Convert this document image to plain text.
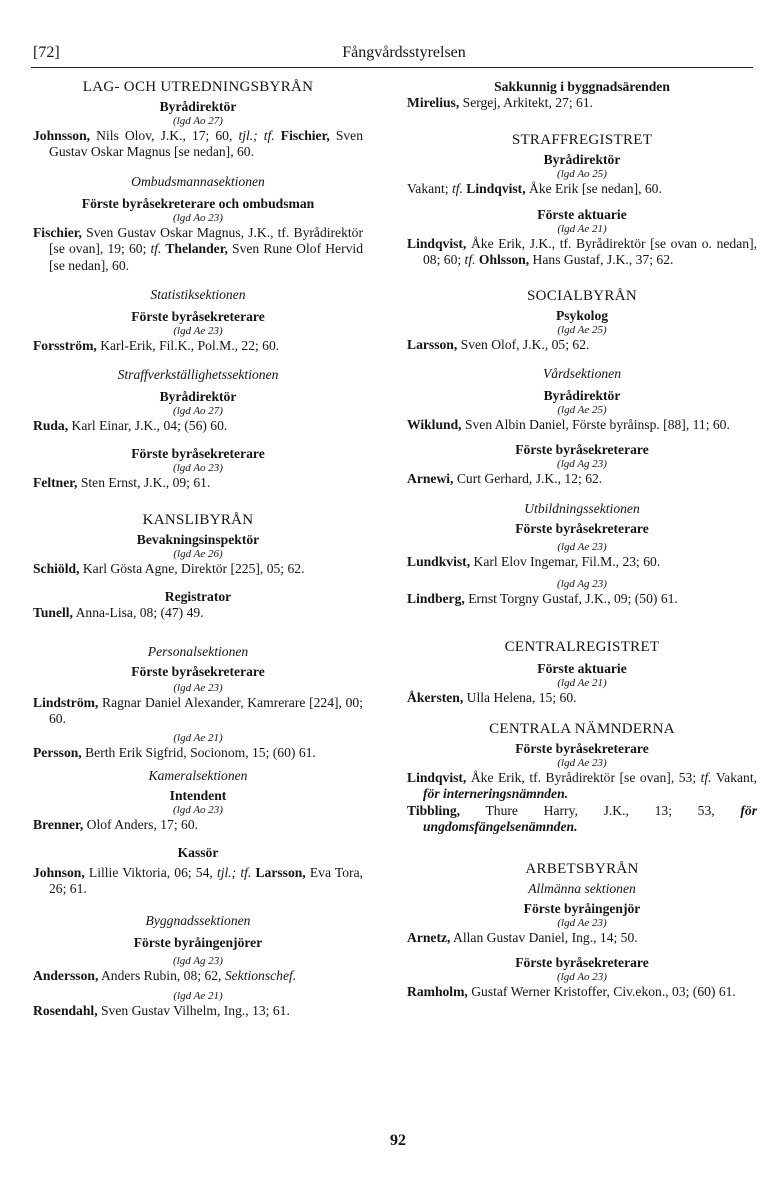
[72]	Fångvårdsstyrelsen
LAG- OCH UTREDNINGSBYRÅN
Byrådirektör
(lgd Ao 27)
Johnsson, Nils Olov, J.K., 17; 60, tjl.; tf. Fischier, Sven Gustav Oskar Magnus [se nedan], 60.
Ombudsmannasektionen
Förste byråsekreterare och ombudsman
(lgd Ao 23)
Fischier, Sven Gustav Oskar Magnus, J.K., tf. Byrådirektör [se ovan], 19; 60; tf. Thelander, Sven Rune Olof Hervid [se nedan], 60.
Statistiksektionen
Förste byråsekreterare
(lgd Ae 23)
Forsström, Karl-Erik, Fil.K., Pol.M., 22; 60.
Straffverkställighetssektionen
Byrådirektör
(lgd Ao 27)
Ruda, Karl Einar, J.K., 04; (56) 60.
Förste byråsekreterare
(lgd Ao 23)
Feltner, Sten Ernst, J.K., 09; 61.
KANSLIBYRÅN
Bevakningsinspektör
(lgd Ae 26)
Schiöld, Karl Gösta Agne, Direktör [225], 05; 62.
Registrator
Tunell, Anna-Lisa, 08; (47) 49.
Personalsektionen
Förste byråsekreterare
(lgd Ae 23)
Lindström, Ragnar Daniel Alexander, Kamrerare [224], 00; 60.
(lgd Ae 21)
Persson, Berth Erik Sigfrid, Socionom, 15; (60) 61.
Kameralsektionen
Intendent
(lgd Ao 23)
Brenner, Olof Anders, 17; 60.
Kassör
Johnson, Lillie Viktoria, 06; 54, tjl.; tf. Larsson, Eva Tora, 26; 61.
Byggnadssektionen
Förste byråingenjörer
(lgd Ag 23)
Andersson, Anders Rubin, 08; 62, Sektionschef.
(lgd Ae 21)
Rosendahl, Sven Gustav Vilhelm, Ing., 13; 61.
Sakkunnig i byggnadsärenden
Mirelius, Sergej, Arkitekt, 27; 61.
STRAFFREGISTRET
Byrådirektör
(lgd Ao 25)
Vakant; tf. Lindqvist, Åke Erik [se nedan], 60.
Förste aktuarie
(lgd Ae 21)
Lindqvist, Åke Erik, J.K., tf. Byrådirektör [se ovan o. nedan], 08; 60; tf. Ohlsson, Hans Gustaf, J.K., 37; 62.
SOCIALBYRÅN
Psykolog
(lgd Ae 25)
Larsson, Sven Olof, J.K., 05; 62.
Vårdsektionen
Byrådirektör
(lgd Ae 25)
Wiklund, Sven Albin Daniel, Förste byråinsp. [88], 11; 60.
Förste byråsekreterare
(lgd Ag 23)
Arnewi, Curt Gerhard, J.K., 12; 62.
Utbildningssektionen
Förste byråsekreterare
(lgd Ae 23)
Lundkvist, Karl Elov Ingemar, Fil.M., 23; 60.
(lgd Ag 23)
Lindberg, Ernst Torgny Gustaf, J.K., 09; (50) 61.
CENTRALREGISTRET
Förste aktuarie
(lgd Ae 21)
Åkersten, Ulla Helena, 15; 60.
CENTRALA NÄMNDERNA
Förste byråsekreterare
(lgd Ae 23)
Lindqvist, Åke Erik, tf. Byrådirektör [se ovan], 53; tf. Vakant, för interneringsnämnden.
Tibbling, Thure Harry, J.K., 13; 53, för ungdomsfängelsenämnden.
ARBETSBYRÅN
Allmänna sektionen
Förste byråingenjör
(lgd Ae 23)
Arnetz, Allan Gustav Daniel, Ing., 14; 50.
Förste byråsekreterare
(lgd Ao 23)
Ramholm, Gustaf Werner Kristoffer, Civ.ekon., 03; (60) 61.
92
